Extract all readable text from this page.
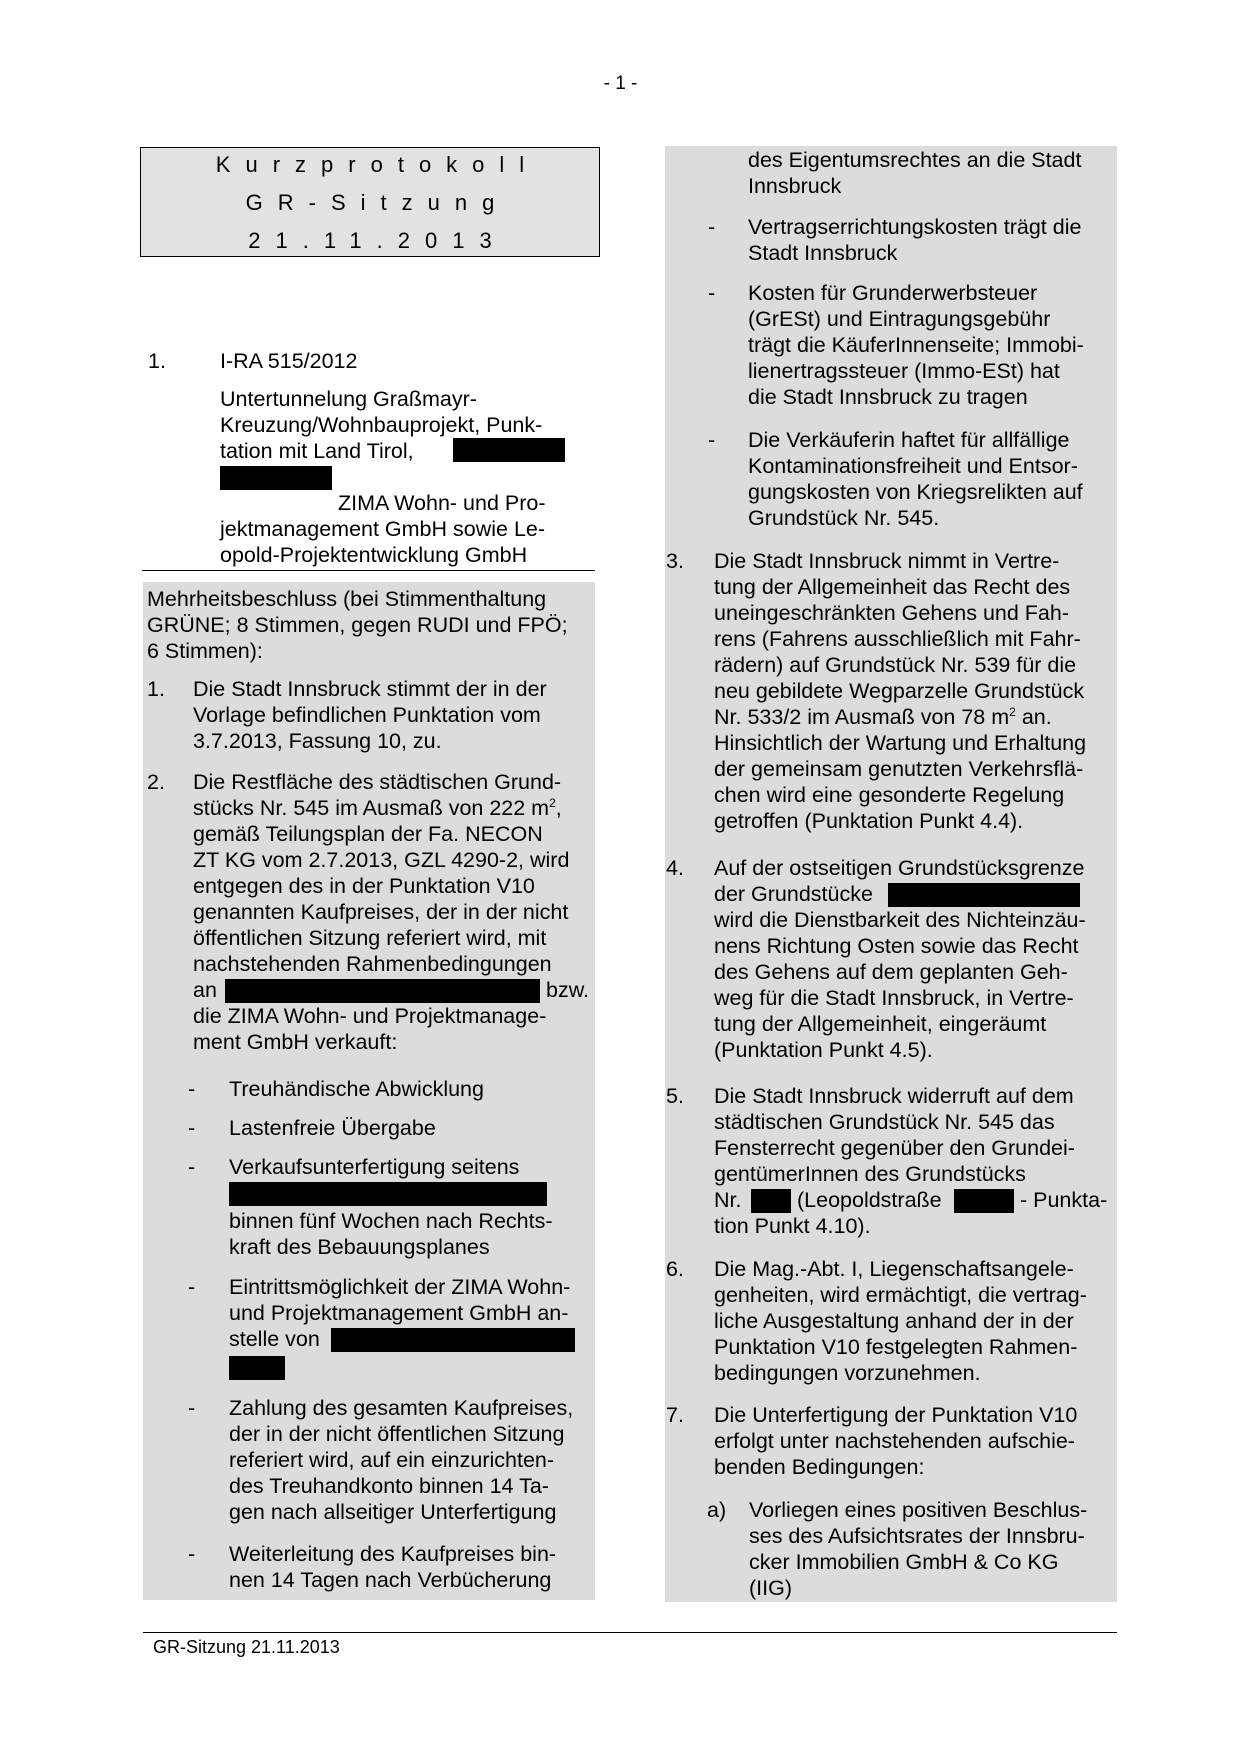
- 1 -
Kurzprotokoll
GR-Sitzung
21.11.2013
1.	I-RA 515/2012
Untertunnelung Graßmayr-
Kreuzung/Wohnbauprojekt, Punk-
tation mit Land Tirol,
ZIMA Wohn- und Pro-
jektmanagement GmbH sowie Le-
opold-Projektentwicklung GmbH
Mehrheitsbeschluss (bei Stimmenthaltung
GRÜNE; 8 Stimmen, gegen RUDI und FPÖ;
6 Stimmen):
1. Die Stadt Innsbruck stimmt der in der
Vorlage befindlichen Punktation vom
3.7.2013, Fassung 10, zu.
2. Die Restfläche des städtischen Grund-
stücks Nr. 545 im Ausmaß von 222 $m^2$,
gemäß Teilungsplan der Fa. NECON
ZT KG vom 2.7.2013, GZL 4290-2, wird
entgegen des in der Punktation V10
genannten Kaufpreises, der in der nicht
öffentlichen Sitzung referiert wird, mit
nachstehenden Rahmenbedingungen
an	bzw.
die ZIMA Wohn- und Projektmanage-
ment GmbH verkauft:
- Treuhändische Abwicklung
- Lastenfreie Übergabe
- Verkaufsunterfertigung seitens
binnen fünf Wochen nach Rechts-
kraft des Bebauungsplanes
- Eintrittsmöglichkeit der ZIMA Wohn-
und Projektmanagement GmbH an-
stelle von
- Zahlung des gesamten Kaufpreises,
der in der nicht öffentlichen Sitzung
referiert wird, auf ein einzurichten-
des Treuhandkonto binnen 14 Ta-
gen nach allseitiger Unterfertigung
- Weiterleitung des Kaufpreises bin-
nen 14 Tagen nach Verbücherung
des Eigentumsrechtes an die Stadt
Innsbruck
- Vertragserrichtungskosten trägt die
Stadt Innsbruck
- Kosten für Grunderwerbsteuer
(GrESt) und Eintragungsgebühr
trägt die KäuferInnenseite; Immobi-
lienertragssteuer (Immo-ESt) hat
die Stadt Innsbruck zu tragen
- Die Verkäuferin haftet für allfällige
Kontaminationsfreiheit und Entsor-
gungskosten von Kriegsrelikten auf
Grundstück Nr. 545.
3. Die Stadt Innsbruck nimmt in Vertre-
tung der Allgemeinheit das Recht des
uneingeschränkten Gehens und Fah-
rens (Fahrens ausschließlich mit Fahr-
rädern) auf Grundstück Nr. 539 für die
neu gebildete Wegparzelle Grundstück
Nr. 533/2 im Ausmaß von 78 $m^2$ an.
Hinsichtlich der Wartung und Erhaltung
der gemeinsam genutzten Verkehrsflä-
chen wird eine gesonderte Regelung
getroffen (Punktation Punkt 4.4).
4. Auf der ostseitigen Grundstücksgrenze
der Grundstücke
wird die Dienstbarkeit des Nichteinzäu-
nens Richtung Osten sowie das Recht
des Gehens auf dem geplanten Geh-
weg für die Stadt Innsbruck, in Vertre-
tung der Allgemeinheit, eingeräumt
(Punktation Punkt 4.5).
5. Die Stadt Innsbruck widerruft auf dem
städtischen Grundstück Nr. 545 das
Fensterrecht gegenüber den Grundei-
gentümerInnen des Grundstücks
Nr.	(Leopoldstraße	- Punkta-
tion Punkt 4.10).
6. Die Mag.-Abt. I, Liegenschaftsangele-
genheiten, wird ermächtigt, die vertrag-
liche Ausgestaltung anhand der in der
Punktation V10 festgelegten Rahmen-
bedingungen vorzunehmen.
7. Die Unterfertigung der Punktation V10
erfolgt unter nachstehenden aufschie-
benden Bedingungen:
a) Vorliegen eines positiven Beschlus-
ses des Aufsichtsrates der Innsbru-
cker Immobilien GmbH & Co KG
(IIG)
GR-Sitzung 21.11.2013
